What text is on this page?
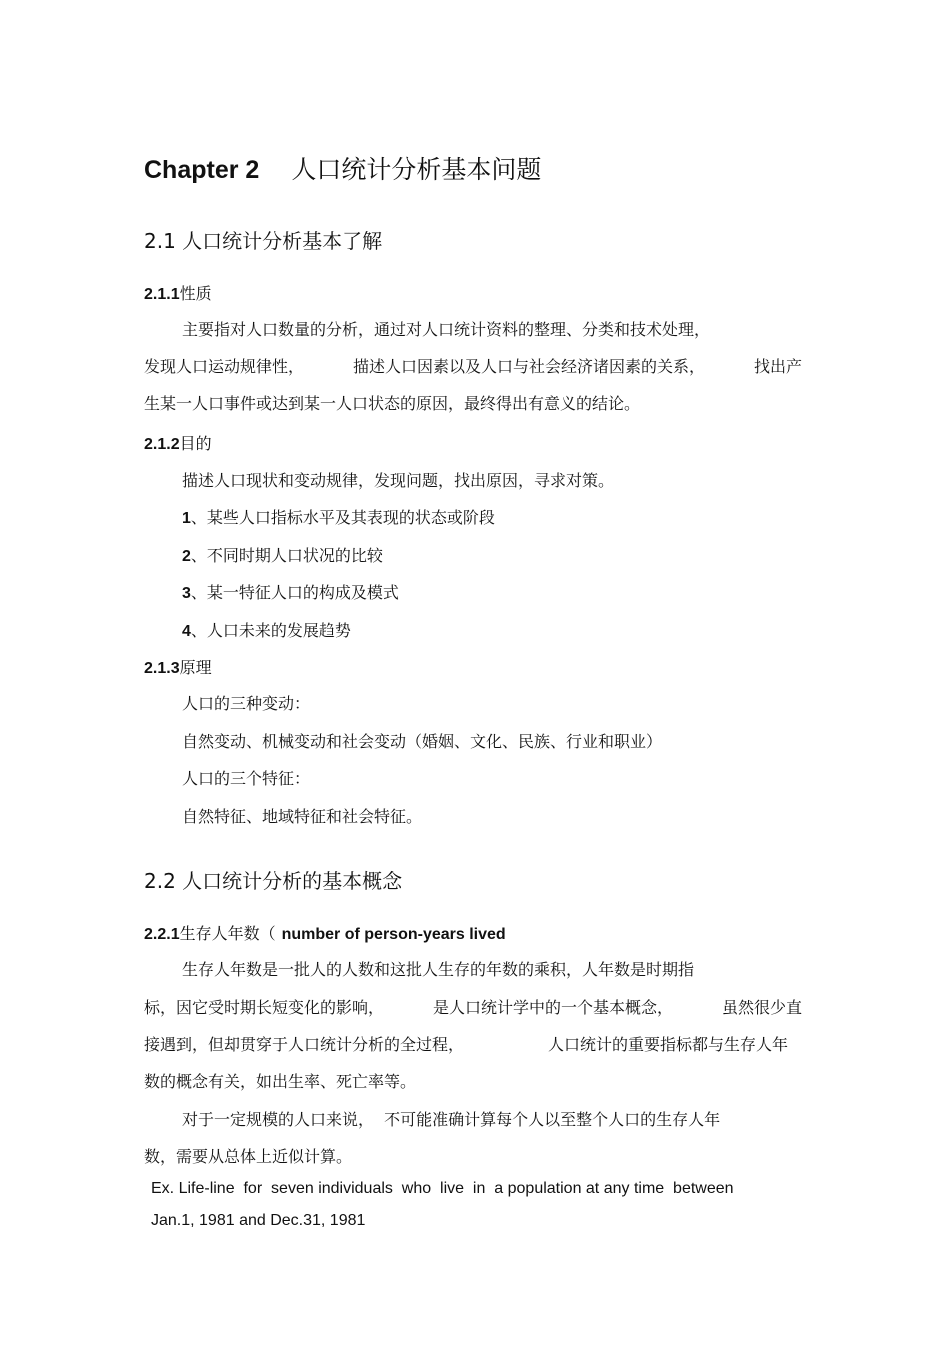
Chapter 2 人口统计分析基本问题
2.1 人口统计分析基本了解
2.1.1性质
主要指对人口数量的分析，通过对人口统计资料的整理、分类和技术处理，
发现人口运动规律性，	描述人口因素以及人口与社会经济诸因素的关系，	找出产
生某一人口事件或达到某一人口状态的原因，最终得出有意义的结论。
2.1.2目的
描述人口现状和变动规律，发现问题，找出原因，寻求对策。
1、某些人口指标水平及其表现的状态或阶段
2、不同时期人口状况的比较
3、某一特征人口的构成及模式
4、人口未来的发展趋势
2.1.3原理
人口的三种变动：
自然变动、机械变动和社会变动（婚姻、文化、民族、行业和职业）
人口的三个特征：
自然特征、地域特征和社会特征。
2.2 人口统计分析的基本概念
2.2.1生存人年数（ number of person-years lived
生存人年数是一批人的人数和这批人生存的年数的乘积，人年数是时期指
标，因它受时期长短变化的影响，	是人口统计学中的一个基本概念，	虽然很少直
接遇到，但却贯穿于人口统计分析的全过程，	人口统计的重要指标都与生存人年
数的概念有关，如出生率、死亡率等。
对于一定规模的人口来说，  不可能准确计算每个人以至整个人口的生存人年
数，需要从总体上近似计算。
Ex. Life-line  for  seven individuals  who  live  in  a population at any time  between
Jan.1, 1981 and Dec.31, 1981
